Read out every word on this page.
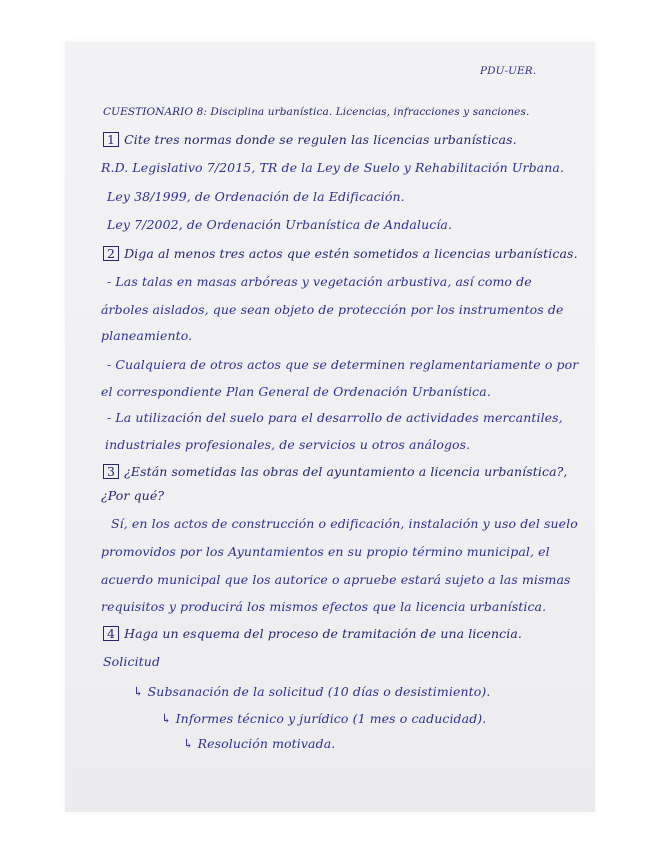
PDU-UER.
CUESTIONARIO 8: Disciplina urbanística. Licencias, infracciones y sanciones.
1 Cite tres normas donde se regulen las licencias urbanísticas.
R.D. Legislativo 7/2015, TR de la Ley de Suelo y Rehabilitación Urbana.
Ley 38/1999, de Ordenación de la Edificación.
Ley 7/2002, de Ordenación Urbanística de Andalucía.
2 Diga al menos tres actos que estén sometidos a licencias urbanísticas.
- Las talas en masas arbóreas y vegetación arbustiva, así como de
árboles aislados, que sean objeto de protección por los instrumentos de
planeamiento.
- Cualquiera de otros actos que se determinen reglamentariamente o por
el correspondiente Plan General de Ordenación Urbanística.
- La utilización del suelo para el desarrollo de actividades mercantiles,
industriales profesionales, de servicios u otros análogos.
3 ¿Están sometidas las obras del ayuntamiento a licencia urbanística?,
¿Por qué?
Sí, en los actos de construcción o edificación, instalación y uso del suelo
promovidos por los Ayuntamientos en su propio término municipal, el
acuerdo municipal que los autorice o apruebe estará sujeto a las mismas
requisitos y producirá los mismos efectos que la licencia urbanística.
4 Haga un esquema del proceso de tramitación de una licencia.
Solicitud
↳ Subsanación de la solicitud (10 días o desistimiento).
↳ Informes técnico y jurídico (1 mes o caducidad).
↳ Resolución motivada.
